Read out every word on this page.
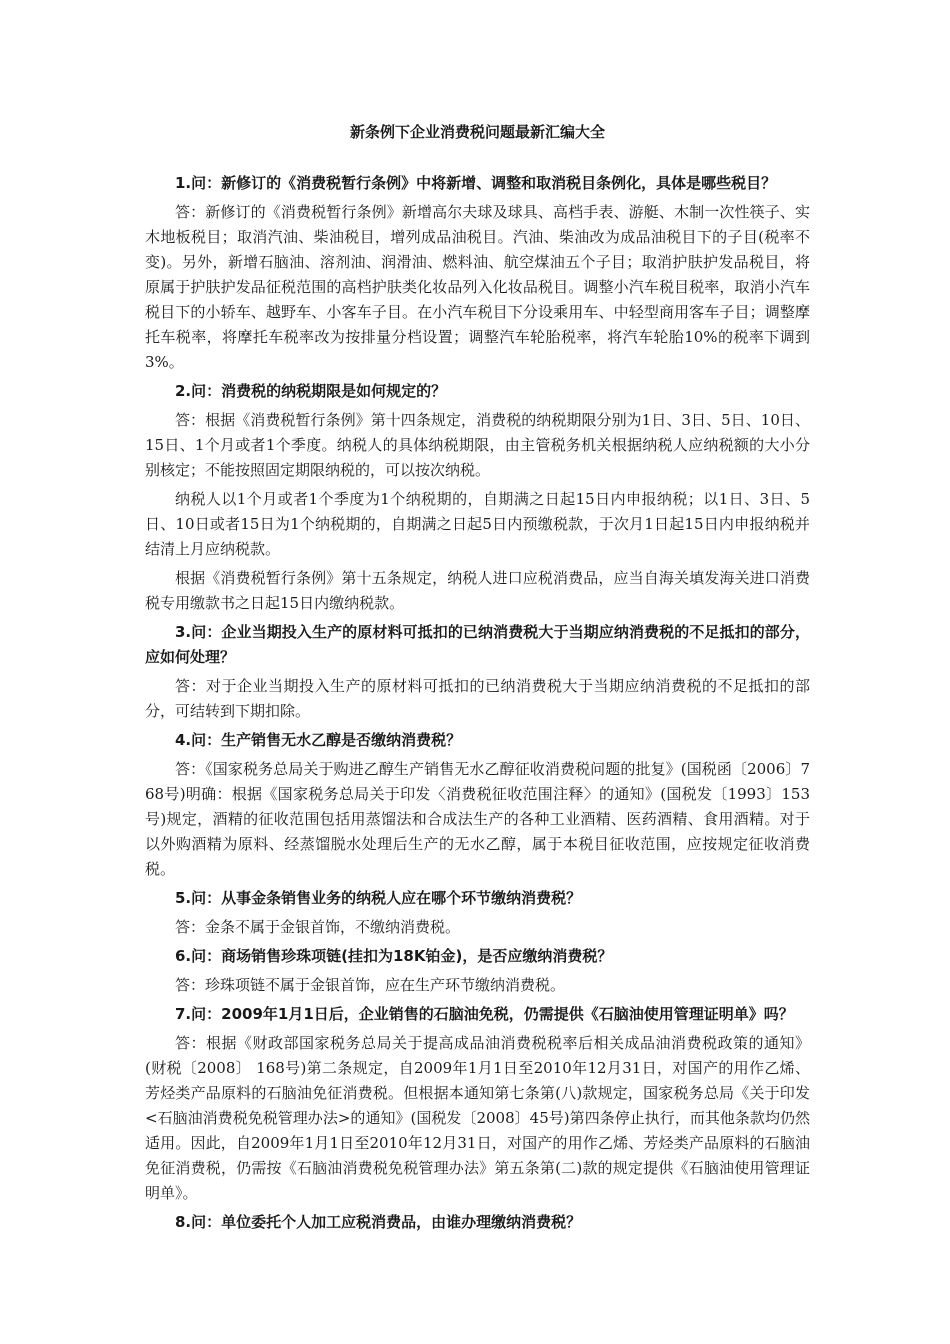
新条例下企业消费税问题最新汇编大全

1.问：新修订的《消费税暂行条例》中将新增、调整和取消税目条例化，具体是哪些税目？

答：新修订的《消费税暂行条例》新增高尔夫球及球具、高档手表、游艇、木制一次性筷子、实木地板税目；取消汽油、柴油税目，增列成品油税目。汽油、柴油改为成品油税目下的子目(税率不变)。另外，新增石脑油、溶剂油、润滑油、燃料油、航空煤油五个子目；取消护肤护发品税目，将原属于护肤护发品征税范围的高档护肤类化妆品列入化妆品税目。调整小汽车税目税率，取消小汽车税目下的小轿车、越野车、小客车子目。在小汽车税目下分设乘用车、中轻型商用客车子目；调整摩托车税率，将摩托车税率改为按排量分档设置；调整汽车轮胎税率，将汽车轮胎10%的税率下调到3%。

2.问：消费税的纳税期限是如何规定的？

答：根据《消费税暂行条例》第十四条规定，消费税的纳税期限分别为1日、3日、5日、10日、15日、1个月或者1个季度。纳税人的具体纳税期限，由主管税务机关根据纳税人应纳税额的大小分别核定；不能按照固定期限纳税的，可以按次纳税。

纳税人以1个月或者1个季度为1个纳税期的，自期满之日起15日内申报纳税；以1日、3日、5日、10日或者15日为1个纳税期的，自期满之日起5日内预缴税款，于次月1日起15日内申报纳税并结清上月应纳税款。

根据《消费税暂行条例》第十五条规定，纳税人进口应税消费品，应当自海关填发海关进口消费税专用缴款书之日起15日内缴纳税款。

3.问：企业当期投入生产的原材料可抵扣的已纳消费税大于当期应纳消费税的不足抵扣的部分，应如何处理？

答：对于企业当期投入生产的原材料可抵扣的已纳消费税大于当期应纳消费税的不足抵扣的部分，可结转到下期扣除。

4.问：生产销售无水乙醇是否缴纳消费税？

答：《国家税务总局关于购进乙醇生产销售无水乙醇征收消费税问题的批复》(国税函〔2006〕768号)明确：根据《国家税务总局关于印发〈消费税征收范围注释〉的通知》(国税发〔1993〕153号)规定，酒精的征收范围包括用蒸馏法和合成法生产的各种工业酒精、医药酒精、食用酒精。对于以外购酒精为原料、经蒸馏脱水处理后生产的无水乙醇，属于本税目征收范围，应按规定征收消费税。

5.问：从事金条销售业务的纳税人应在哪个环节缴纳消费税？

答：金条不属于金银首饰，不缴纳消费税。

6.问：商场销售珍珠项链(挂扣为18K铂金)，是否应缴纳消费税？

答：珍珠项链不属于金银首饰，应在生产环节缴纳消费税。

7.问：2009年1月1日后，企业销售的石脑油免税，仍需提供《石脑油使用管理证明单》吗？

答：根据《财政部国家税务总局关于提高成品油消费税税率后相关成品油消费税政策的通知》(财税〔2008〕 168号)第二条规定，自2009年1月1日至2010年12月31日，对国产的用作乙烯、芳烃类产品原料的石脑油免征消费税。但根据本通知第七条第(八)款规定，国家税务总局《关于印发<石脑油消费税免税管理办法>的通知》(国税发〔2008〕45号)第四条停止执行，而其他条款均仍然适用。因此，自2009年1月1日至2010年12月31日，对国产的用作乙烯、芳烃类产品原料的石脑油免征消费税，仍需按《石脑油消费税免税管理办法》第五条第(二)款的规定提供《石脑油使用管理证明单》。

8.问：单位委托个人加工应税消费品，由谁办理缴纳消费税？
